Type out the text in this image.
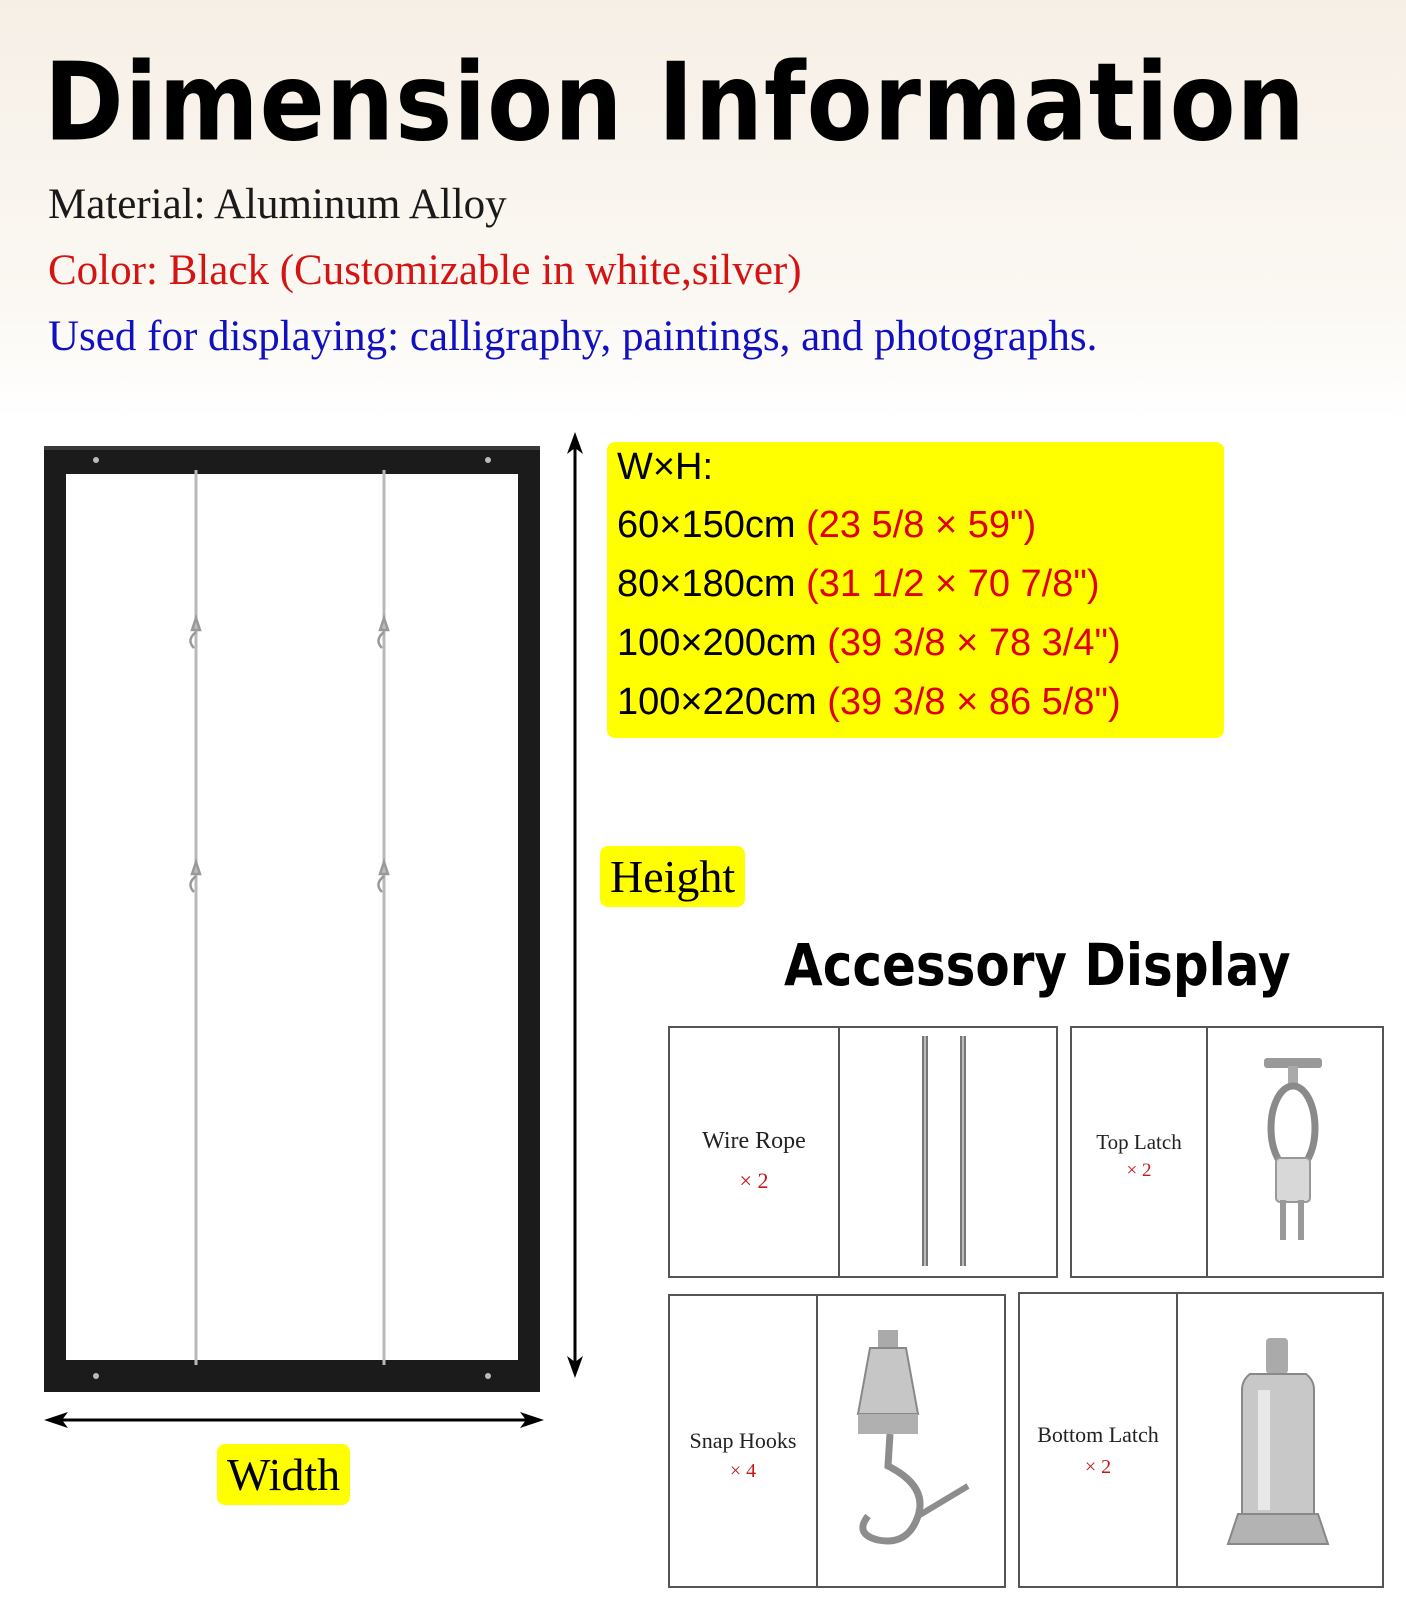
Dimension Information

Material: Aluminum Alloy

Color: Black (Customizable in white,silver)

Used for displaying: calligraphy, paintings, and photographs.

W×H:
60×150cm (23 5/8 × 59")
80×180cm (31 1/2 × 70 7/8")
100×200cm (39 3/8 × 78 3/4")
100×220cm (39 3/8 × 86 5/8")
Height
Width
Accessory Display
Wire Rope
× 2
Top Latch
× 2
Snap Hooks
× 4
Bottom Latch
× 2
